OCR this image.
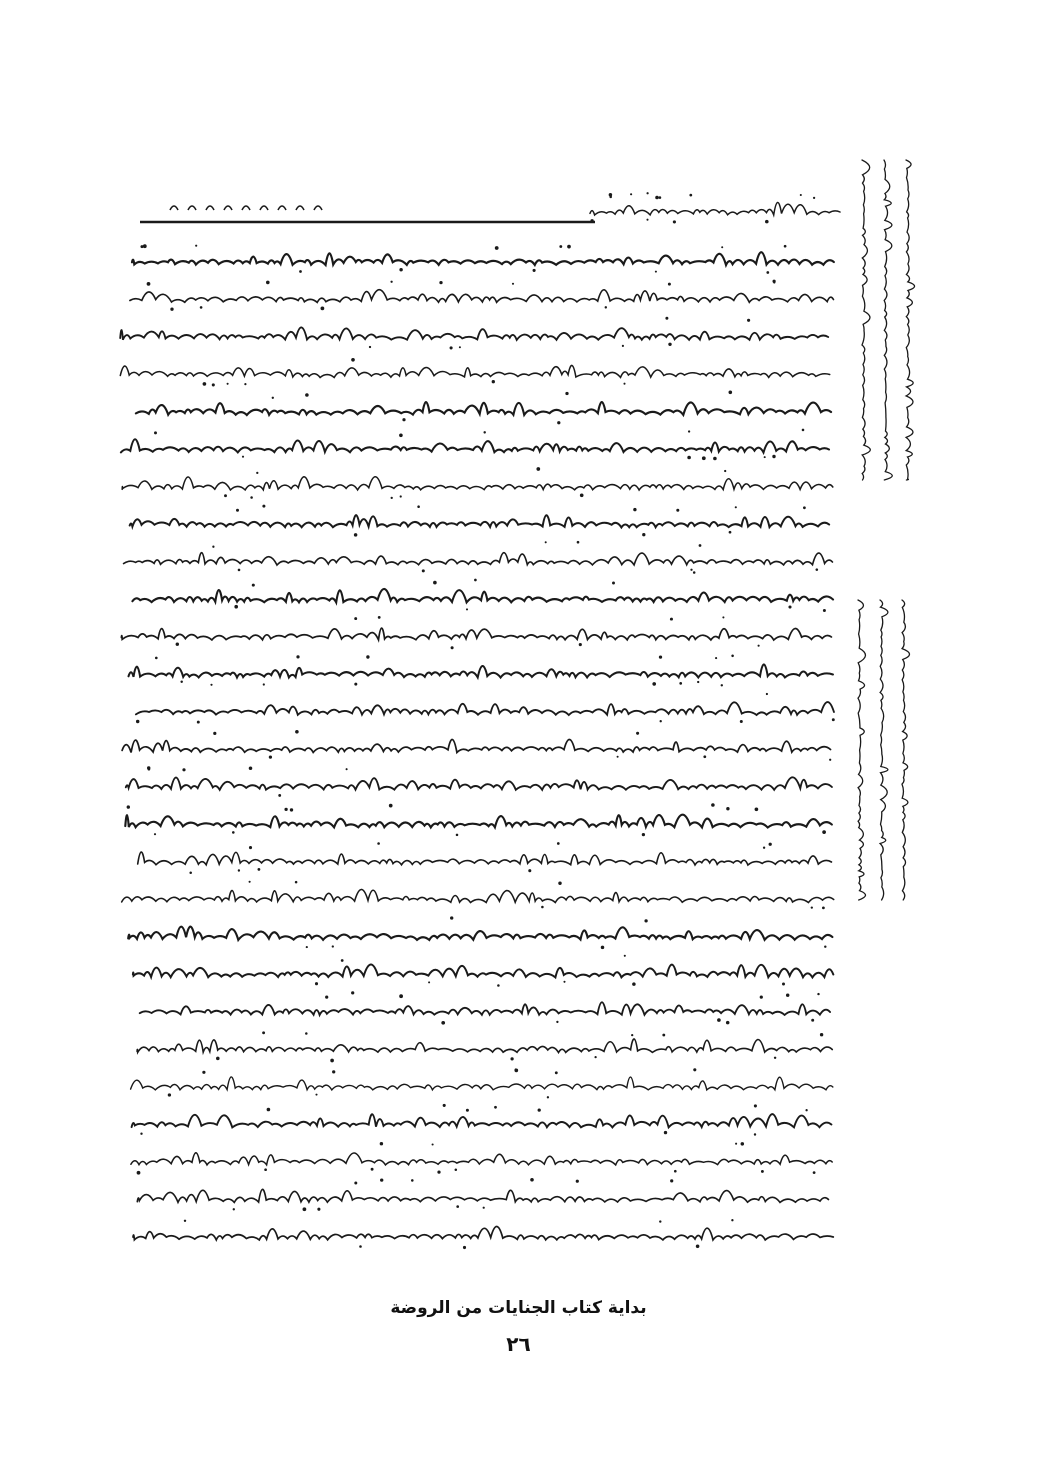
بداية كتاب الجنايات من الروضة
٢٦
